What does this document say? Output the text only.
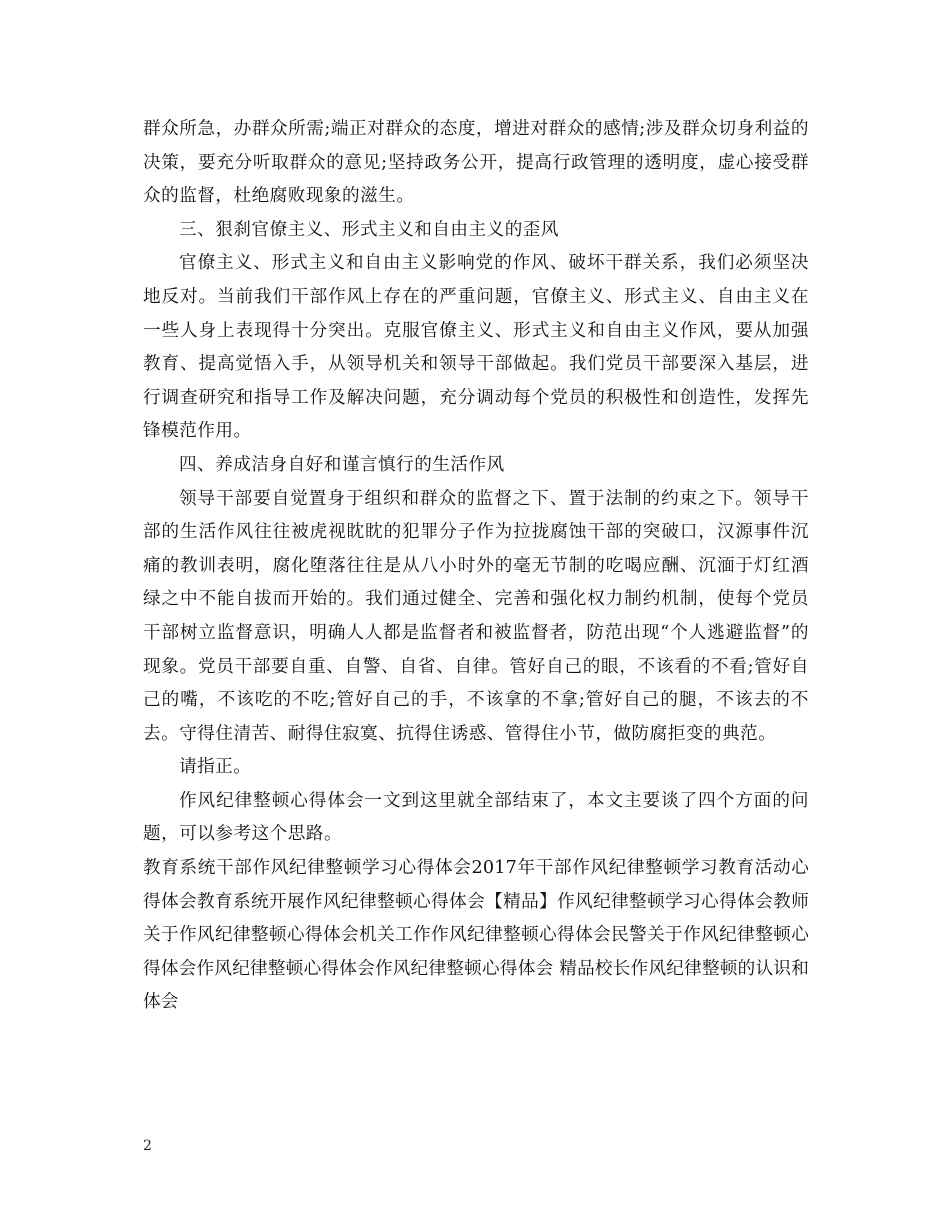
群众所急，办群众所需;端正对群众的态度，增进对群众的感情;涉及群众切身利益的决策，要充分听取群众的意见;坚持政务公开，提高行政管理的透明度，虚心接受群众的监督，杜绝腐败现象的滋生。

三、狠刹官僚主义、形式主义和自由主义的歪风

官僚主义、形式主义和自由主义影响党的作风、破坏干群关系，我们必须坚决地反对。当前我们干部作风上存在的严重问题，官僚主义、形式主义、自由主义在一些人身上表现得十分突出。克服官僚主义、形式主义和自由主义作风，要从加强教育、提高觉悟入手，从领导机关和领导干部做起。我们党员干部要深入基层，进行调查研究和指导工作及解决问题，充分调动每个党员的积极性和创造性，发挥先锋模范作用。

四、养成洁身自好和谨言慎行的生活作风

领导干部要自觉置身于组织和群众的监督之下、置于法制的约束之下。领导干部的生活作风往往被虎视眈眈的犯罪分子作为拉拢腐蚀干部的突破口，汉源事件沉痛的教训表明，腐化堕落往往是从八小时外的毫无节制的吃喝应酬、沉湎于灯红酒绿之中不能自拔而开始的。我们通过健全、完善和强化权力制约机制，使每个党员干部树立监督意识，明确人人都是监督者和被监督者，防范出现“个人逃避监督”的现象。党员干部要自重、自警、自省、自律。管好自己的眼，不该看的不看;管好自己的嘴，不该吃的不吃;管好自己的手，不该拿的不拿;管好自己的腿，不该去的不去。守得住清苦、耐得住寂寞、抗得住诱惑、管得住小节，做防腐拒变的典范。

请指正。

作风纪律整顿心得体会一文到这里就全部结束了，本文主要谈了四个方面的问题，可以参考这个思路。

教育系统干部作风纪律整顿学习心得体会2017年干部作风纪律整顿学习教育活动心得体会教育系统开展作风纪律整顿心得体会【精品】作风纪律整顿学习心得体会教师关于作风纪律整顿心得体会机关工作作风纪律整顿心得体会民警关于作风纪律整顿心得体会作风纪律整顿心得体会作风纪律整顿心得体会 精品校长作风纪律整顿的认识和体会

2
